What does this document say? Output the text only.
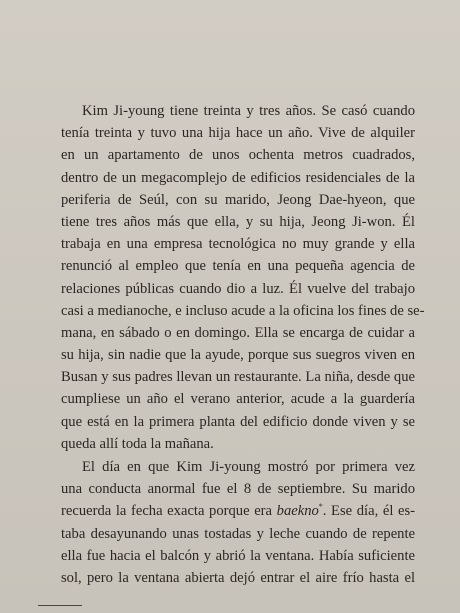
Kim Ji-young tiene treinta y tres años. Se casó cuando
tenía treinta y tuvo una hija hace un año. Vive de alquiler
en un apartamento de unos ochenta metros cuadrados,
dentro de un megacomplejo de edificios residenciales de la
periferia de Seúl, con su marido, Jeong Dae-hyeon, que
tiene tres años más que ella, y su hija, Jeong Ji-won. Él
trabaja en una empresa tecnológica no muy grande y ella
renunció al empleo que tenía en una pequeña agencia de
relaciones públicas cuando dio a luz. Él vuelve del trabajo
casi a medianoche, e incluso acude a la oficina los fines de se-
mana, en sábado o en domingo. Ella se encarga de cuidar a
su hija, sin nadie que la ayude, porque sus suegros viven en
Busan y sus padres llevan un restaurante. La niña, desde que
cumpliese un año el verano anterior, acude a la guardería
que está en la primera planta del edificio donde viven y se
queda allí toda la mañana.
El día en que Kim Ji-young mostró por primera vez
una conducta anormal fue el 8 de septiembre. Su marido
recuerda la fecha exacta porque era baekno*. Ese día, él es-
taba desayunando unas tostadas y leche cuando de repente
ella fue hacia el balcón y abrió la ventana. Había suficiente
sol, pero la ventana abierta dejó entrar el aire frío hasta el
